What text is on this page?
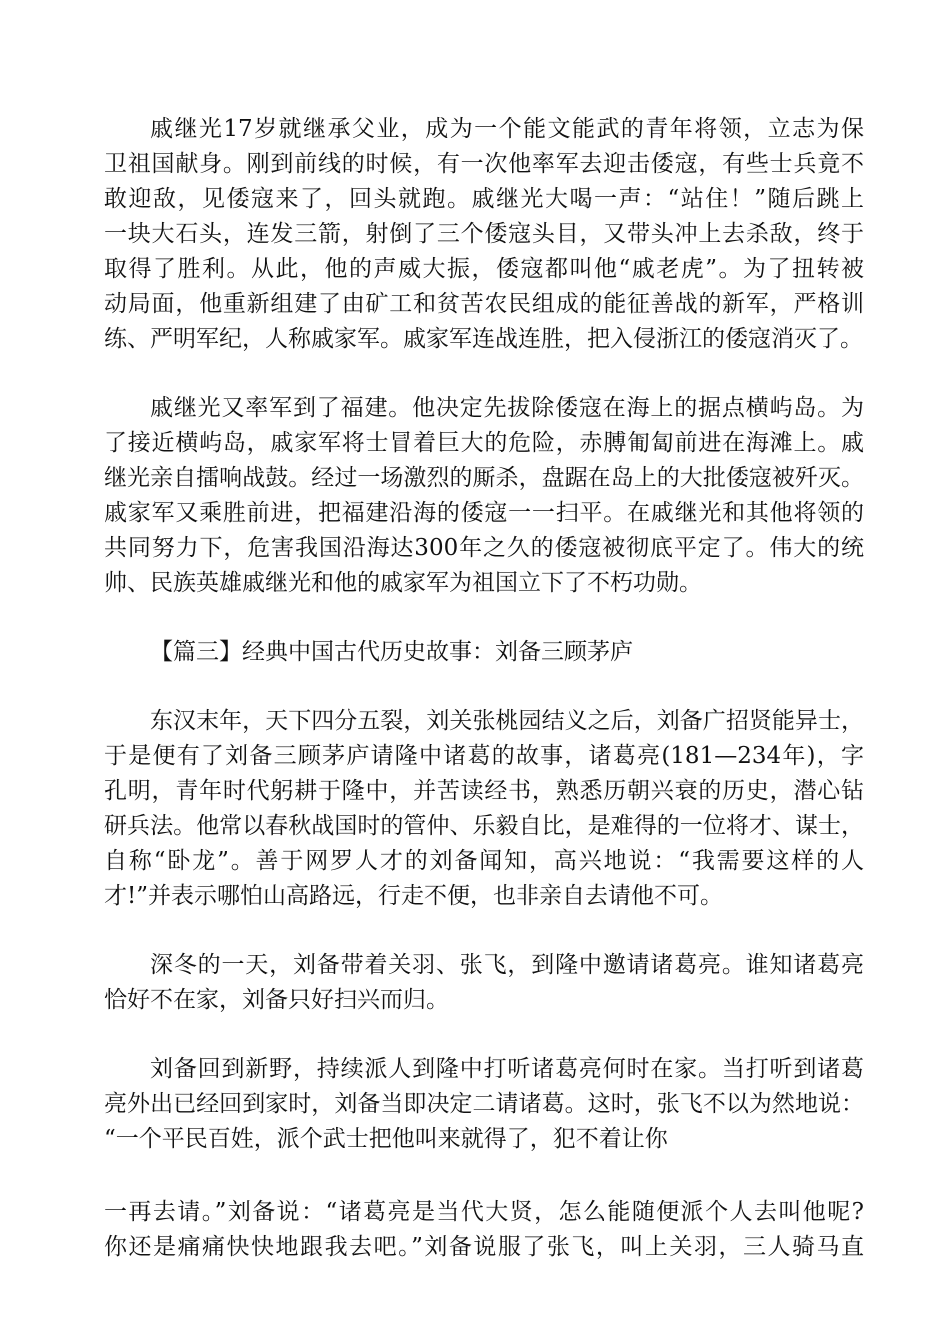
戚继光17岁就继承父业，成为一个能文能武的青年将领，立志为保
卫祖国献身。刚到前线的时候，有一次他率军去迎击倭寇，有些士兵竟不
敢迎敌，见倭寇来了，回头就跑。戚继光大喝一声：“站住！”随后跳上
一块大石头，连发三箭，射倒了三个倭寇头目，又带头冲上去杀敌，终于
取得了胜利。从此，他的声威大振，倭寇都叫他“戚老虎”。为了扭转被
动局面，他重新组建了由矿工和贫苦农民组成的能征善战的新军，严格训
练、严明军纪，人称戚家军。戚家军连战连胜，把入侵浙江的倭寇消灭了。
戚继光又率军到了福建。他决定先拔除倭寇在海上的据点横屿岛。为
了接近横屿岛，戚家军将士冒着巨大的危险，赤膊匍匐前进在海滩上。戚
继光亲自擂响战鼓。经过一场激烈的厮杀，盘踞在岛上的大批倭寇被歼灭。
戚家军又乘胜前进，把福建沿海的倭寇一一扫平。在戚继光和其他将领的
共同努力下，危害我国沿海达300年之久的倭寇被彻底平定了。伟大的统
帅、民族英雄戚继光和他的戚家军为祖国立下了不朽功勋。
【篇三】经典中国古代历史故事：刘备三顾茅庐
东汉末年，天下四分五裂，刘关张桃园结义之后，刘备广招贤能异士，
于是便有了刘备三顾茅庐请隆中诸葛的故事，诸葛亮(181—234年)，字
孔明，青年时代躬耕于隆中，并苦读经书，熟悉历朝兴衰的历史，潜心钻
研兵法。他常以春秋战国时的管仲、乐毅自比，是难得的一位将才、谋士，
自称“卧龙”。善于网罗人才的刘备闻知，高兴地说：“我需要这样的人
才!”并表示哪怕山高路远，行走不便，也非亲自去请他不可。
深冬的一天，刘备带着关羽、张飞，到隆中邀请诸葛亮。谁知诸葛亮
恰好不在家，刘备只好扫兴而归。
刘备回到新野，持续派人到隆中打听诸葛亮何时在家。当打听到诸葛
亮外出已经回到家时，刘备当即决定二请诸葛。这时，张飞不以为然地说：
“一个平民百姓，派个武士把他叫来就得了，犯不着让你
一再去请。”刘备说：“诸葛亮是当代大贤，怎么能随便派个人去叫他呢?
你还是痛痛快快地跟我去吧。”刘备说服了张飞，叫上关羽，三人骑马直
